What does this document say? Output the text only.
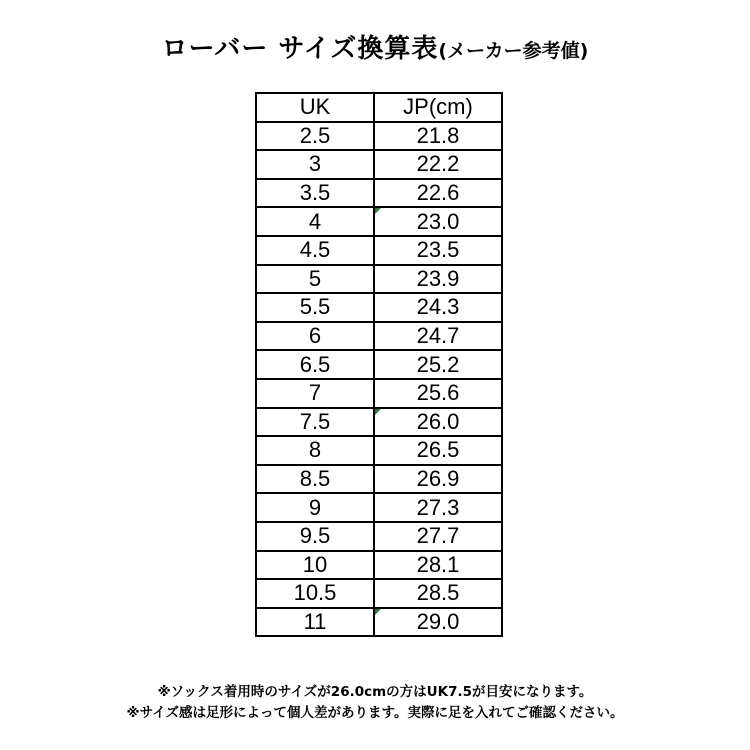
ローバー サイズ換算表(メーカー参考値)
UK	JP(cm)
2.5	21.8
3	22.2
3.5	22.6
4	23.0

4.5	23.5
5	23.9
5.5	24.3
6	24.7
6.5	25.2
7	25.6
7.5	26.0

8	26.5
8.5	26.9
9	27.3
9.5	27.7
10	28.1
10.5	28.5
11	29.0
※ソックス着用時のサイズが26.0cmの方はUK7.5が目安になります。
※サイズ感は足形によって個人差があります。実際に足を入れてご確認ください。
